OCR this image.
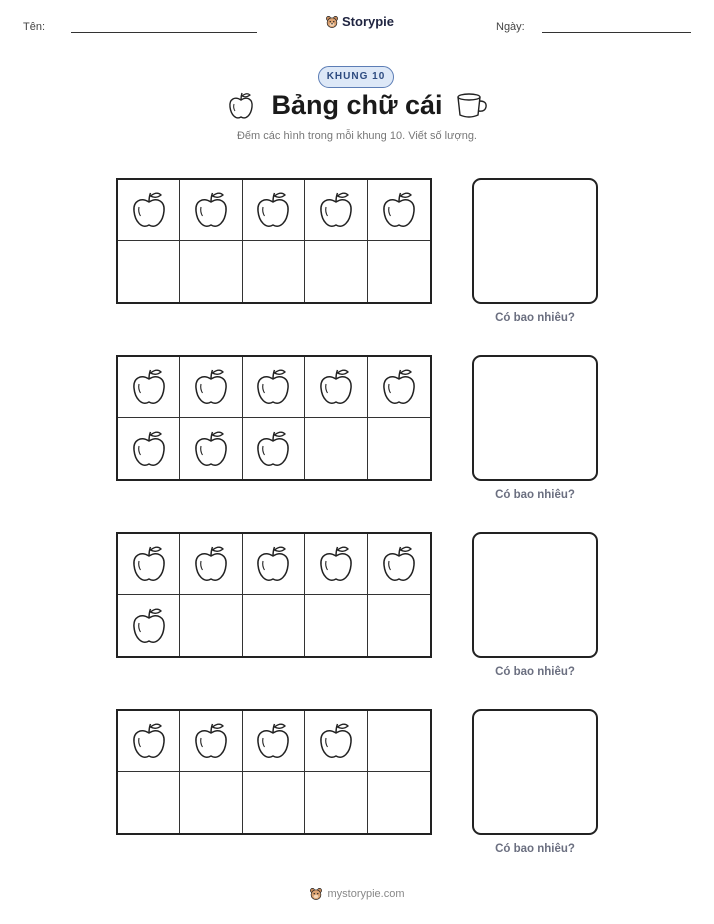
Tên:	Storypie	Ngày:
KHUNG 10
Bảng chữ cái
Đếm các hình trong mỗi khung 10. Viết số lượng.
Có bao nhiêu?
Có bao nhiêu?
Có bao nhiêu?
Có bao nhiêu?
mystorypie.com
